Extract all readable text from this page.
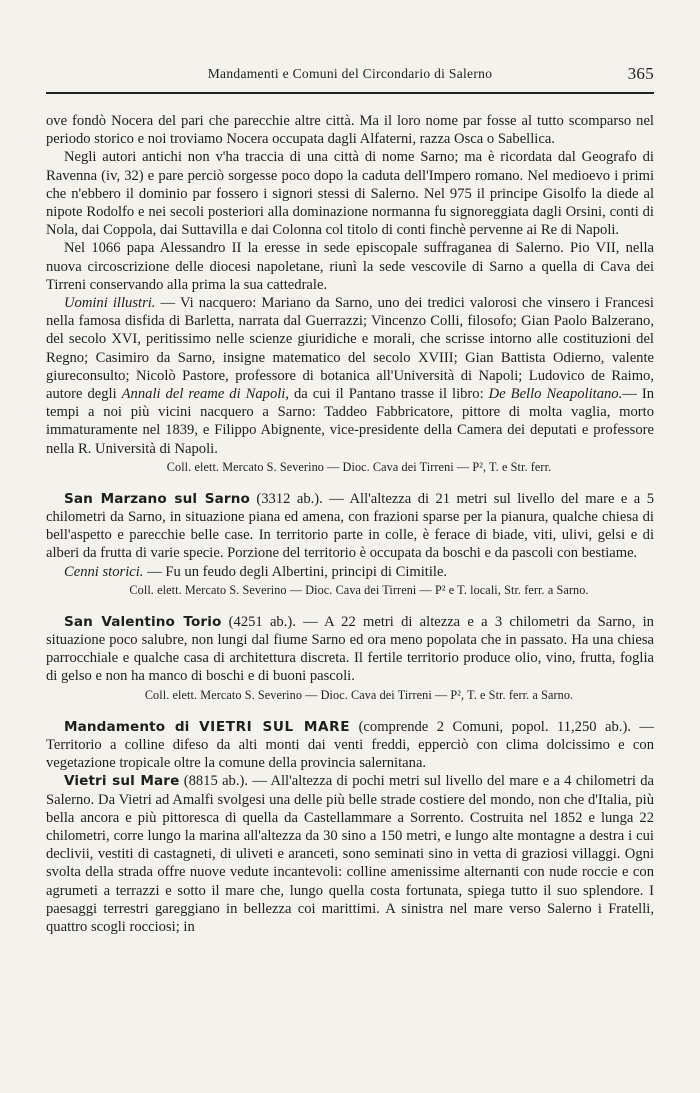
Mandamenti e Comuni del Circondario di Salerno	365

ove fondò Nocera del pari che parecchie altre città. Ma il loro nome par fosse al tutto scomparso nel periodo storico e noi troviamo Nocera occupata dagli Alfaterni, razza Osca o Sabellica.

Negli autori antichi non v'ha traccia di una città di nome Sarno; ma è ricordata dal Geografo di Ravenna (iv, 32) e pare perciò sorgesse poco dopo la caduta dell'Impero romano. Nel medioevo i primi che n'ebbero il dominio par fossero i signori stessi di Salerno. Nel 975 il principe Gisolfo la diede al nipote Rodolfo e nei secoli posteriori alla dominazione normanna fu signoreggiata dagli Orsini, conti di Nola, dai Coppola, dai Suttavilla e dai Colonna col titolo di conti finchè pervenne ai Re di Napoli.

Nel 1066 papa Alessandro II la eresse in sede episcopale suffraganea di Salerno. Pio VII, nella nuova circoscrizione delle diocesi napoletane, riunì la sede vescovile di Sarno a quella di Cava dei Tirreni conservando alla prima la sua cattedrale.

Uomini illustri. — Vi nacquero: Mariano da Sarno, uno dei tredici valorosi che vinsero i Francesi nella famosa disfida di Barletta, narrata dal Guerrazzi; Vincenzo Colli, filosofo; Gian Paolo Balzerano, del secolo XVI, peritissimo nelle scienze giuridiche e morali, che scrisse intorno alle costituzioni del Regno; Casimiro da Sarno, insigne matematico del secolo XVIII; Gian Battista Odierno, valente giureconsulto; Nicolò Pastore, professore di botanica all'Università di Napoli; Ludovico de Raimo, autore degli Annali del reame di Napoli, da cui il Pantano trasse il libro: De Bello Neapolitano.— In tempi a noi più vicini nacquero a Sarno: Taddeo Fabbricatore, pittore di molta vaglia, morto immaturamente nel 1839, e Filippo Abignente, vice-presidente della Camera dei deputati e professore nella R. Università di Napoli.

Coll. elett. Mercato S. Severino — Dioc. Cava dei Tirreni — P², T. e Str. ferr.

San Marzano sul Sarno (3312 ab.). — All'altezza di 21 metri sul livello del mare e a 5 chilometri da Sarno, in situazione piana ed amena, con frazioni sparse per la pianura, qualche chiesa di bell'aspetto e parecchie belle case. In territorio parte in colle, è ferace di biade, viti, ulivi, gelsi e di alberi da frutta di varie specie. Porzione del territorio è occupata da boschi e da pascoli con bestiame.

Cenni storici. — Fu un feudo degli Albertini, principi di Cimitile.

Coll. elett. Mercato S. Severino — Dioc. Cava dei Tirreni — P² e T. locali, Str. ferr. a Sarno.

San Valentino Torio (4251 ab.). — A 22 metri di altezza e a 3 chilometri da Sarno, in situazione poco salubre, non lungi dal fiume Sarno ed ora meno popolata che in passato. Ha una chiesa parrocchiale e qualche casa di architettura discreta. Il fertile territorio produce olio, vino, frutta, foglia di gelso e non ha manco di boschi e di buoni pascoli.

Coll. elett. Mercato S. Severino — Dioc. Cava dei Tirreni — P², T. e Str. ferr. a Sarno.

Mandamento di VIETRI SUL MARE (comprende 2 Comuni, popol. 11,250 ab.). — Territorio a colline difeso da alti monti dai venti freddi, epperciò con clima dolcissimo e con vegetazione tropicale oltre la comune della provincia salernitana.

Vietri sul Mare (8815 ab.). — All'altezza di pochi metri sul livello del mare e a 4 chilometri da Salerno. Da Vietri ad Amalfi svolgesi una delle più belle strade costiere del mondo, non che d'Italia, più bella ancora e più pittoresca di quella da Castellammare a Sorrento. Costruita nel 1852 e lunga 22 chilometri, corre lungo la marina all'altezza da 30 sino a 150 metri, e lungo alte montagne a destra i cui declivii, vestiti di castagneti, di uliveti e aranceti, sono seminati sino in vetta di graziosi villaggi. Ogni svolta della strada offre nuove vedute incantevoli: colline amenissime alternanti con nude roccie e con agrumeti a terrazzi e sotto il mare che, lungo quella costa fortunata, spiega tutto il suo splendore. I paesaggi terrestri gareggiano in bellezza coi marittimi. A sinistra nel mare verso Salerno i Fratelli, quattro scogli rocciosi; in
